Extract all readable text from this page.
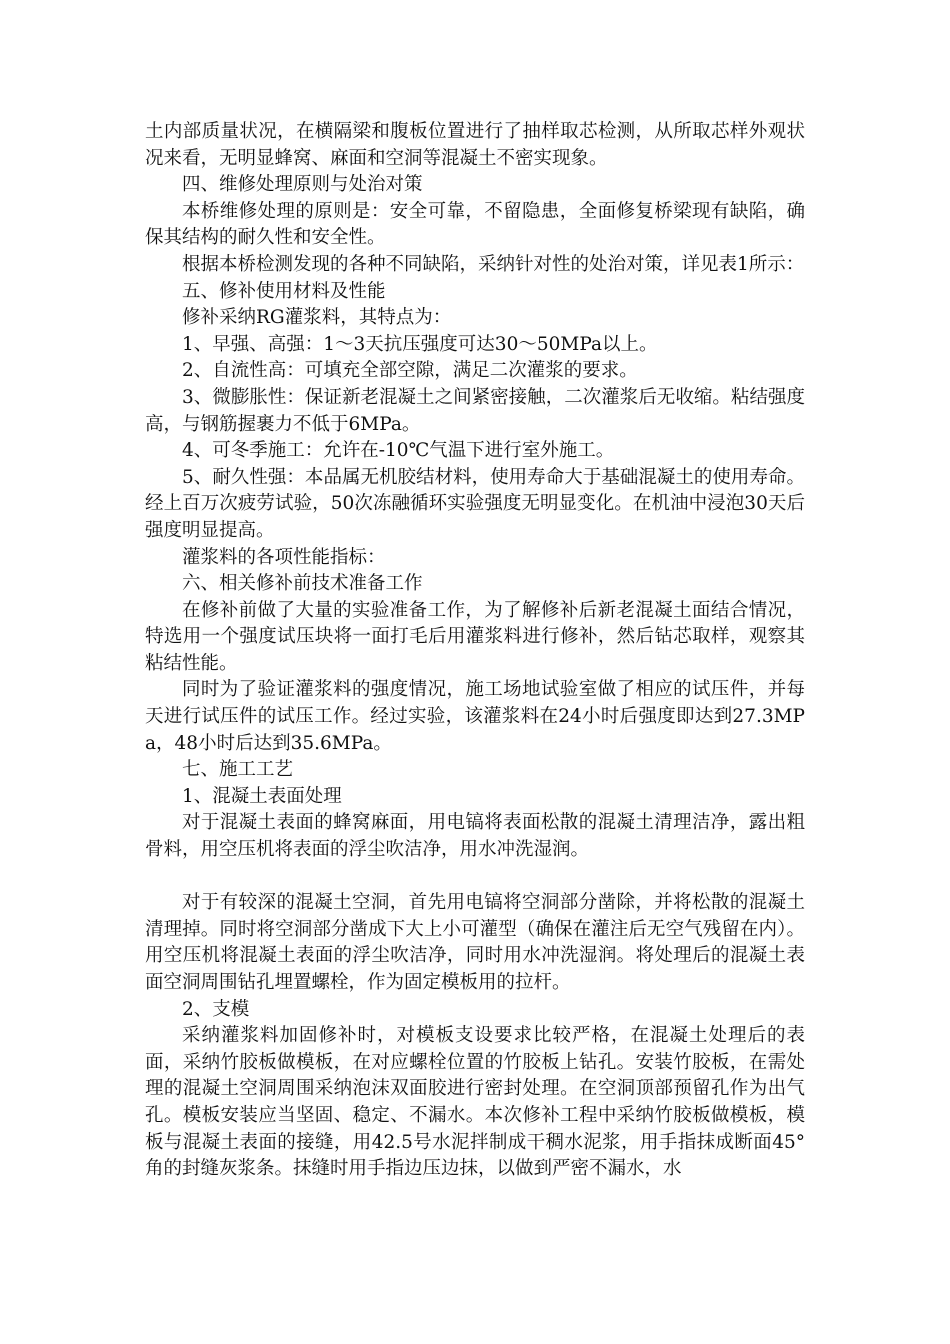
土内部质量状况，在横隔梁和腹板位置进行了抽样取芯检测，从所取芯样外观状况来看，无明显蜂窝、麻面和空洞等混凝土不密实现象。

四、维修处理原则与处治对策

本桥维修处理的原则是：安全可靠，不留隐患，全面修复桥梁现有缺陷，确保其结构的耐久性和安全性。

根据本桥检测发现的各种不同缺陷，采纳针对性的处治对策，详见表1所示：

五、修补使用材料及性能

修补采纳RG灌浆料，其特点为：

1、早强、高强：1～3天抗压强度可达30～50MPa以上。

2、自流性高：可填充全部空隙，满足二次灌浆的要求。

3、微膨胀性：保证新老混凝土之间紧密接触，二次灌浆后无收缩。粘结强度高，与钢筋握裹力不低于6MPa。

4、可冬季施工：允许在-10℃气温下进行室外施工。

5、耐久性强：本品属无机胶结材料，使用寿命大于基础混凝土的使用寿命。经上百万次疲劳试验，50次冻融循环实验强度无明显变化。在机油中浸泡30天后强度明显提高。

灌浆料的各项性能指标：

六、相关修补前技术准备工作

在修补前做了大量的实验准备工作，为了解修补后新老混凝土面结合情况，特选用一个强度试压块将一面打毛后用灌浆料进行修补，然后钻芯取样，观察其粘结性能。

同时为了验证灌浆料的强度情况，施工场地试验室做了相应的试压件，并每天进行试压件的试压工作。经过实验，该灌浆料在24小时后强度即达到27.3MPa，48小时后达到35.6MPa。

七、施工工艺

1、混凝土表面处理

对于混凝土表面的蜂窝麻面，用电镐将表面松散的混凝土清理洁净，露出粗骨料，用空压机将表面的浮尘吹洁净，用水冲洗湿润。

对于有较深的混凝土空洞，首先用电镐将空洞部分凿除，并将松散的混凝土清理掉。同时将空洞部分凿成下大上小可灌型（确保在灌注后无空气残留在内）。用空压机将混凝土表面的浮尘吹洁净，同时用水冲洗湿润。将处理后的混凝土表面空洞周围钻孔埋置螺栓，作为固定模板用的拉杆。

2、支模

采纳灌浆料加固修补时，对模板支设要求比较严格，在混凝土处理后的表面，采纳竹胶板做模板，在对应螺栓位置的竹胶板上钻孔。安装竹胶板，在需处理的混凝土空洞周围采纳泡沫双面胶进行密封处理。在空洞顶部预留孔作为出气孔。模板安装应当坚固、稳定、不漏水。本次修补工程中采纳竹胶板做模板，模板与混凝土表面的接缝，用42.5号水泥拌制成干稠水泥浆，用手指抹成断面45°角的封缝灰浆条。抹缝时用手指边压边抹，以做到严密不漏水，水
